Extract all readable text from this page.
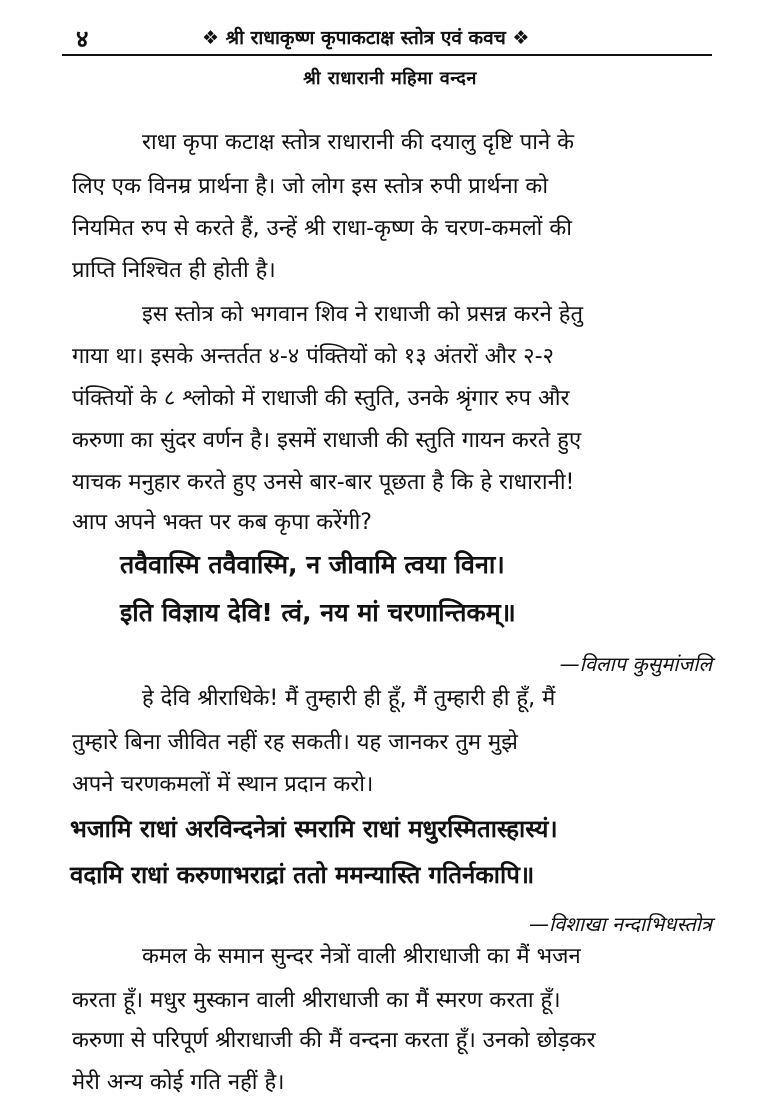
४	❖ श्री राधाकृष्ण कृपाकटाक्ष स्तोत्र एवं कवच ❖
श्री राधारानी महिमा वन्दन
राधा कृपा कटाक्ष स्तोत्र राधारानी की दयालु दृष्टि पाने के
लिए एक विनम्र प्रार्थना है। जो लोग इस स्तोत्र रुपी प्रार्थना को
नियमित रुप से करते हैं, उन्हें श्री राधा-कृष्ण के चरण-कमलों की
प्राप्ति निश्चित ही होती है।
इस स्तोत्र को भगवान शिव ने राधाजी को प्रसन्न करने हेतु
गाया था। इसके अन्तर्तत ४-४ पंक्तियों को १३ अंतरों और २-२
पंक्तियों के ८ श्लोको में राधाजी की स्तुति, उनके श्रृंगार रुप और
करुणा का सुंदर वर्णन है। इसमें राधाजी की स्तुति गायन करते हुए
याचक मनुहार करते हुए उनसे बार-बार पूछता है कि हे राधारानी!
आप अपने भक्त पर कब कृपा करेंगी?
तवैवास्मि तवैवास्मि, न जीवामि त्वया विना।
इति विज्ञाय देवि! त्वं, नय मां चरणान्तिकम्॥
—विलाप कुसुमांजलि
हे देवि श्रीराधिके! मैं तुम्हारी ही हूँ, मैं तुम्हारी ही हूँ, मैं
तुम्हारे बिना जीवित नहीं रह सकती। यह जानकर तुम मुझे
अपने चरणकमलों में स्थान प्रदान करो।
भजामि राधां अरविन्दनेत्रां स्मरामि राधां मधुरस्मितास्हास्यं।
वदामि राधां करुणाभराद्रां ततो ममन्यास्ति गतिर्नकापि॥
—विशाखा नन्दाभिधस्तोत्र
कमल के समान सुन्दर नेत्रों वाली श्रीराधाजी का मैं भजन
करता हूँ। मधुर मुस्कान वाली श्रीराधाजी का मैं स्मरण करता हूँ।
करुणा से परिपूर्ण श्रीराधाजी की मैं वन्दना करता हूँ। उनको छोड़कर
मेरी अन्य कोई गति नहीं है।
